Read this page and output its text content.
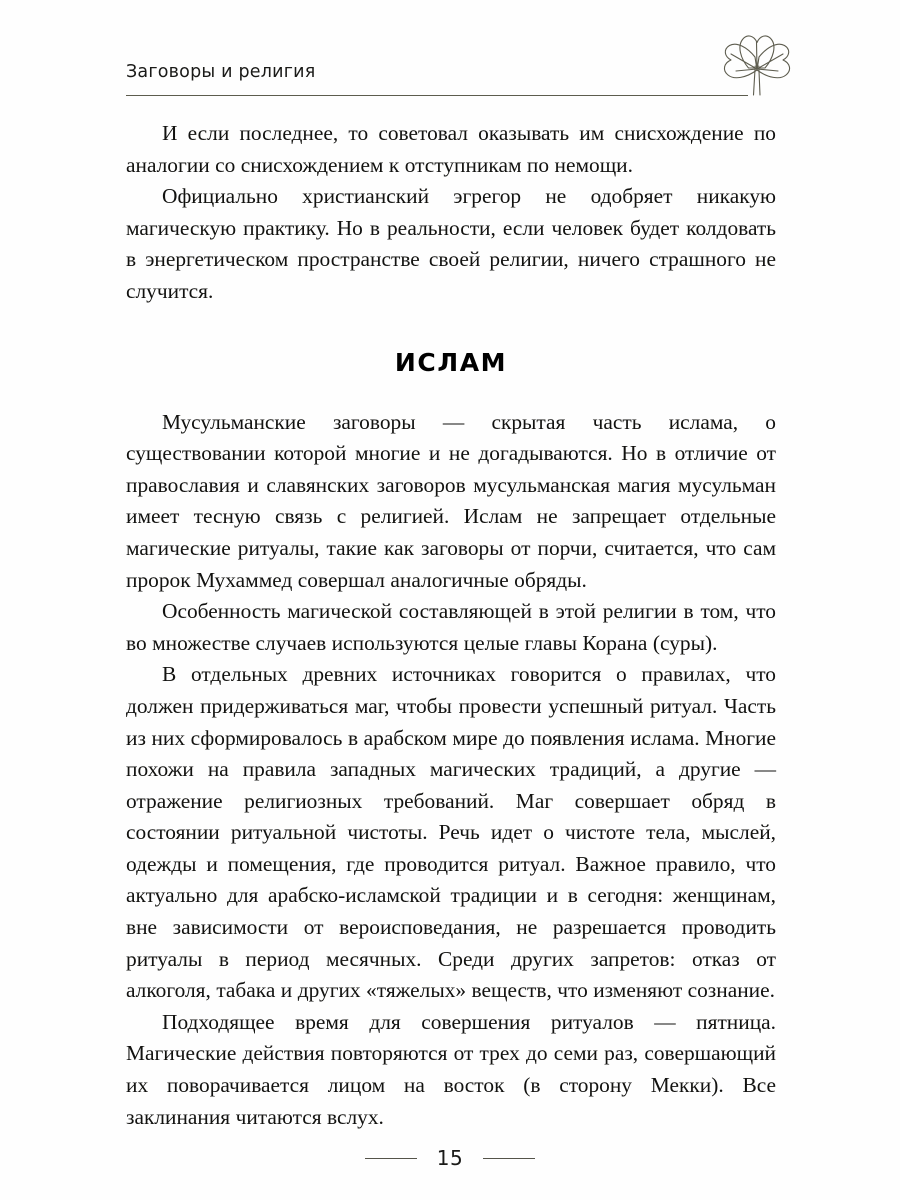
Заговоры и религия

И если последнее, то советовал оказывать им снисхождение по аналогии со снисхождением к отступникам по немощи.

Официально христианский эгрегор не одобряет никакую магическую практику. Но в реальности, если человек будет колдовать в энергетическом пространстве своей религии, ничего страшного не случится.

ИСЛАМ

Мусульманские заговоры — скрытая часть ислама, о существовании которой многие и не догадываются. Но в отличие от православия и славянских заговоров мусульманская магия мусульман имеет тесную связь с религией. Ислам не запрещает отдельные магические ритуалы, такие как заговоры от порчи, считается, что сам пророк Мухаммед совершал аналогичные обряды.

Особенность магической составляющей в этой религии в том, что во множестве случаев используются целые главы Корана (суры).

В отдельных древних источниках говорится о правилах, что должен придерживаться маг, чтобы провести успешный ритуал. Часть из них сформировалось в арабском мире до появления ислама. Многие похожи на правила западных магических традиций, а другие — отражение религиозных требований. Маг совершает обряд в состоянии ритуальной чистоты. Речь идет о чистоте тела, мыслей, одежды и помещения, где проводится ритуал. Важное правило, что актуально для арабско-исламской традиции и в сегодня: женщинам, вне зависимости от вероисповедания, не разрешается проводить ритуалы в период месячных. Среди других запретов: отказ от алкоголя, табака и других «тяжелых» веществ, что изменяют сознание.

Подходящее время для совершения ритуалов — пятница. Магические действия повторяются от трех до семи раз, совершающий их поворачивается лицом на восток (в сторону Мекки). Все заклинания читаются вслух.

15
